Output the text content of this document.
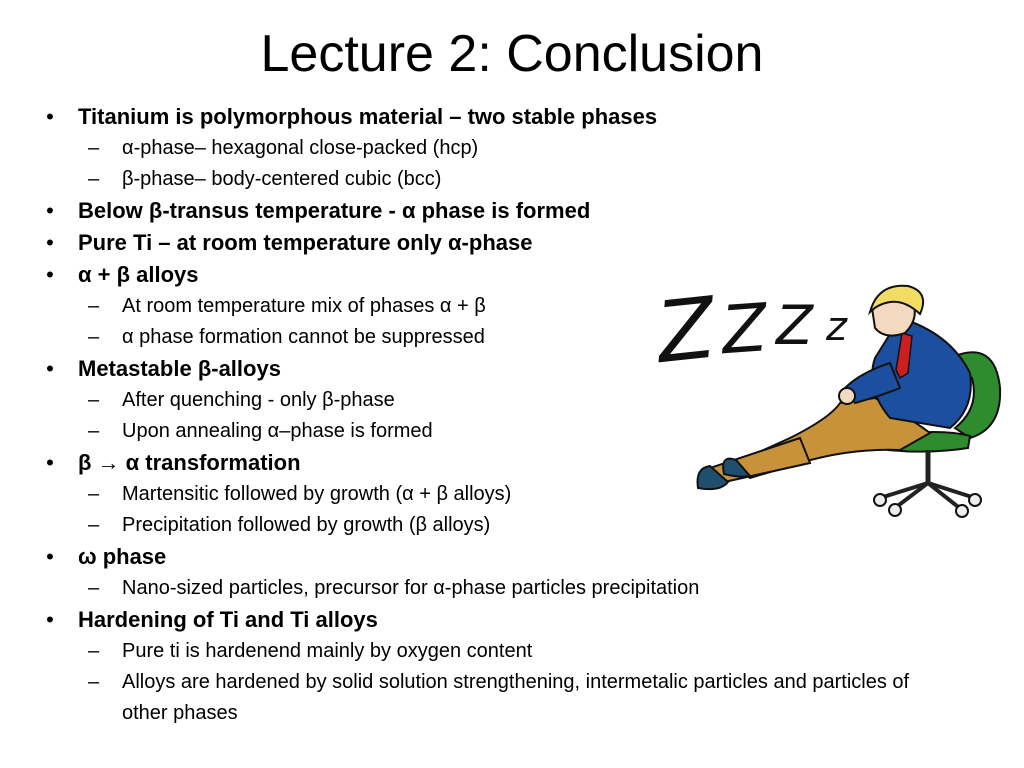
Lecture 2: Conclusion
• Titanium is polymorphous material – two stable phases
–	α-phase– hexagonal close-packed (hcp)
–	β-phase– body-centered cubic (bcc)
• Below β-transus temperature - α phase is formed
• Pure Ti – at room temperature only α-phase
• α + β alloys
–	At room temperature mix of phases α + β
–	α phase formation cannot be suppressed
• Metastable β-alloys
–	After quenching - only β-phase
–	Upon annealing α–phase is formed
• β → α transformation
–	Martensitic followed by growth (α + β alloys)
–	Precipitation followed by growth (β alloys)
• ω phase
–	Nano-sized particles, precursor for α-phase particles precipitation
• Hardening of Ti and Ti alloys
–	Pure ti is hardenend mainly by oxygen content
–	Alloys are hardened by solid solution strengthening, intermetalic particles and particles of other phases
Z Z Z z
